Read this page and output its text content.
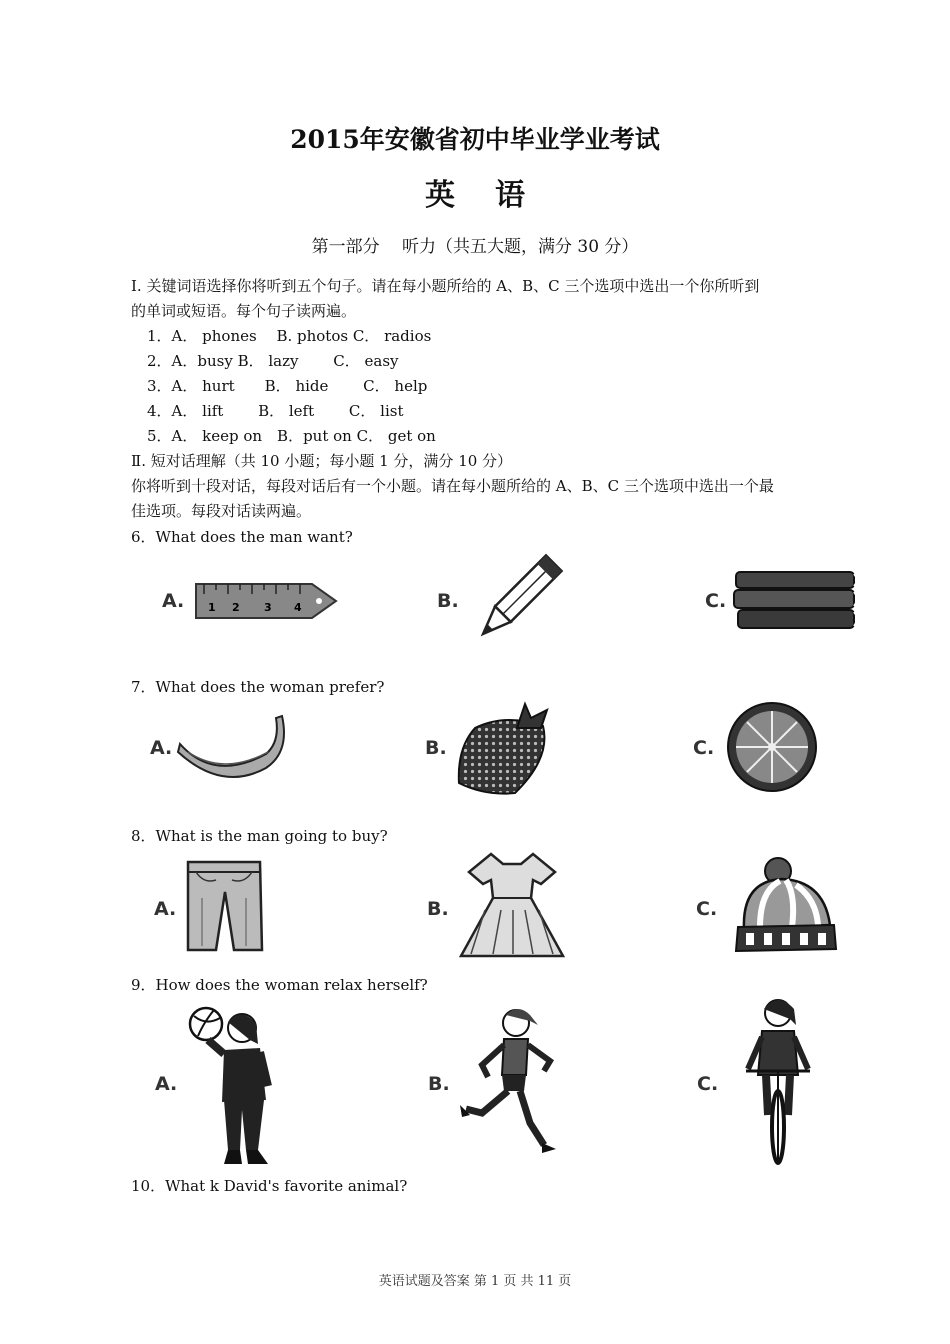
2015年安徽省初中毕业学业考试
英语
第一部分　 听力（共五大题，满分 30 分）
Ⅰ. 关键词语选择你将听到五个句子。请在每小题所给的 A、B、C 三个选项中选出一个你所听到
的单词或短语。每个句子读两遍。
1．A． phones　 B. photos C． radios
2．A．busy B． lazy　　 C． easy
3．A． hurt　　B． hide　　 C． help
4．A． lift　　 B． left　　 C． list
5．A． keep on　B．put on C． get on
Ⅱ. 短对话理解（共 10 小题；每小题 1 分，满分 10 分）
你将听到十段对话，每段对话后有一个小题。请在每小题所给的 A、B、C 三个选项中选出一个最
佳选项。每段对话读两遍。
6．What does the man want?
A. 1 2 3 4	B.	C.
7．What does the woman prefer?
A.	B.	C.
8．What is the man going to buy?
A.	B.	C.
9．How does the woman relax herself?
A.	B.	C.
10．What k David's favorite animal?
英语试题及答案 第 1 页 共 11 页
